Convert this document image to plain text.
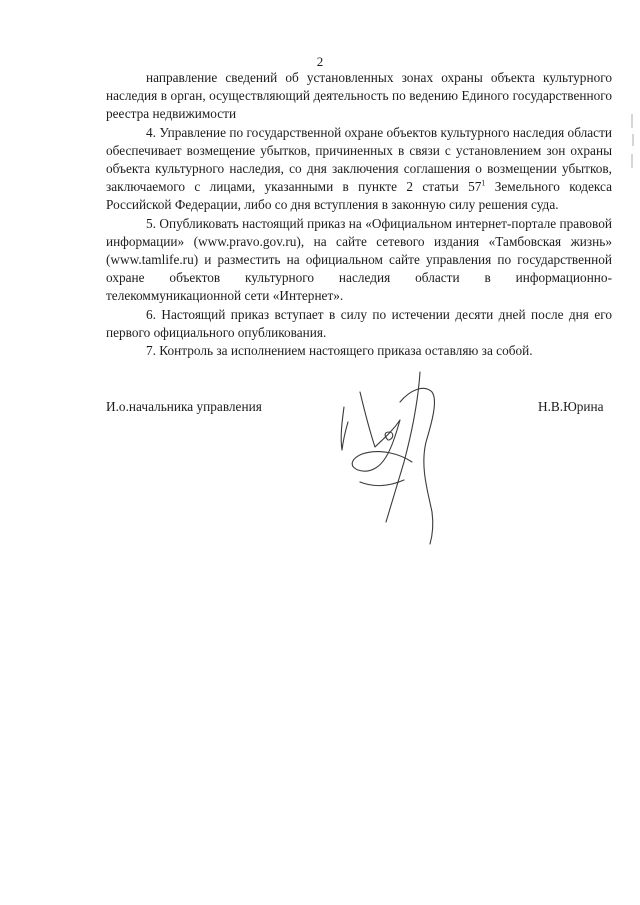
2

направление сведений об установленных зонах охраны объекта культурного наследия в орган, осуществляющий деятельность по ведению Единого государственного реестра недвижимости

4. Управление по государственной охране объектов культурного наследия области обеспечивает возмещение убытков, причиненных в связи с установлением зон охраны объекта культурного наследия, со дня заключения соглашения о возмещении убытков, заключаемого с лицами, указанными в пункте 2 статьи $57^1$ Земельного кодекса Российской Федерации, либо со дня вступления в законную силу решения суда.

5. Опубликовать настоящий приказ на «Официальном интернет-портале правовой информации» (www.pravo.gov.ru), на сайте сетевого издания «Тамбовская жизнь» (www.tamlife.ru) и разместить на официальном сайте управления по государственной охране объектов культурного наследия области в информационно-телекоммуникационной сети «Интернет».

6. Настоящий приказ вступает в силу по истечении десяти дней после дня его первого официального опубликования.

7. Контроль за исполнением настоящего приказа оставляю за собой.

И.о.начальника управления	Н.В.Юрина
